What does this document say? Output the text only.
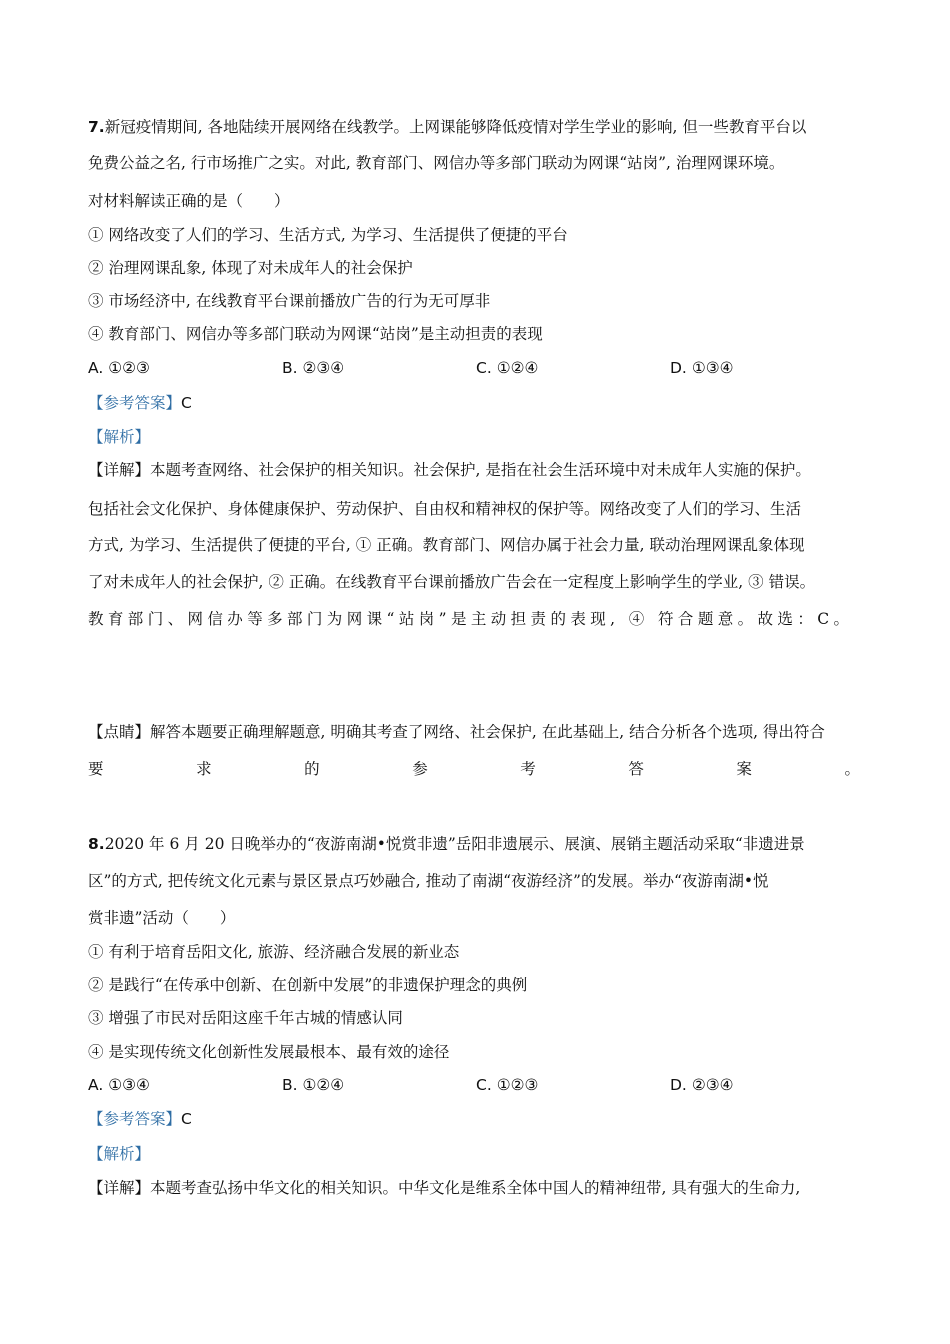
7.新冠疫情期间, 各地陆续开展网络在线教学。上网课能够降低疫情对学生学业的影响, 但一些教育平台以
免费公益之名, 行市场推广之实。对此, 教育部门、网信办等多部门联动为网课“站岗”, 治理网课环境。
对材料解读正确的是（　　）
① 网络改变了人们的学习、生活方式, 为学习、生活提供了便捷的平台
② 治理网课乱象, 体现了对未成年人的社会保护
③ 市场经济中, 在线教育平台课前播放广告的行为无可厚非
④ 教育部门、网信办等多部门联动为网课“站岗”是主动担责的表现
A. ①②③	B. ②③④	C. ①②④	D. ①③④
【参考答案】C
【解析】
【详解】本题考查网络、社会保护的相关知识。社会保护, 是指在社会生活环境中对未成年人实施的保护。
包括社会文化保护、身体健康保护、劳动保护、自由权和精神权的保护等。网络改变了人们的学习、生活
方式, 为学习、生活提供了便捷的平台, ① 正确。教育部门、网信办属于社会力量, 联动治理网课乱象体现
了对未成年人的社会保护, ② 正确。在线教育平台课前播放广告会在一定程度上影响学生的学业, ③ 错误。
教育部门、网信办等多部门为网课“站岗”是主动担责的表现, ④ 符合题意。故选：C。
【点睛】解答本题要正确理解题意, 明确其考查了网络、社会保护, 在此基础上, 结合分析各个选项, 得出符合
要	求	的	参	考	答	案	。
8.2020 年 6 月 20 日晚举办的“夜游南湖•悦赏非遗”岳阳非遗展示、展演、展销主题活动采取“非遗进景
区”的方式, 把传统文化元素与景区景点巧妙融合, 推动了南湖“夜游经济”的发展。举办“夜游南湖•悦
赏非遗”活动（　　）
① 有利于培育岳阳文化, 旅游、经济融合发展的新业态
② 是践行“在传承中创新、在创新中发展”的非遗保护理念的典例
③ 增强了市民对岳阳这座千年古城的情感认同
④ 是实现传统文化创新性发展最根本、最有效的途径
A. ①③④	B. ①②④	C. ①②③	D. ②③④
【参考答案】C
【解析】
【详解】本题考查弘扬中华文化的相关知识。中华文化是维系全体中国人的精神纽带, 具有强大的生命力,
